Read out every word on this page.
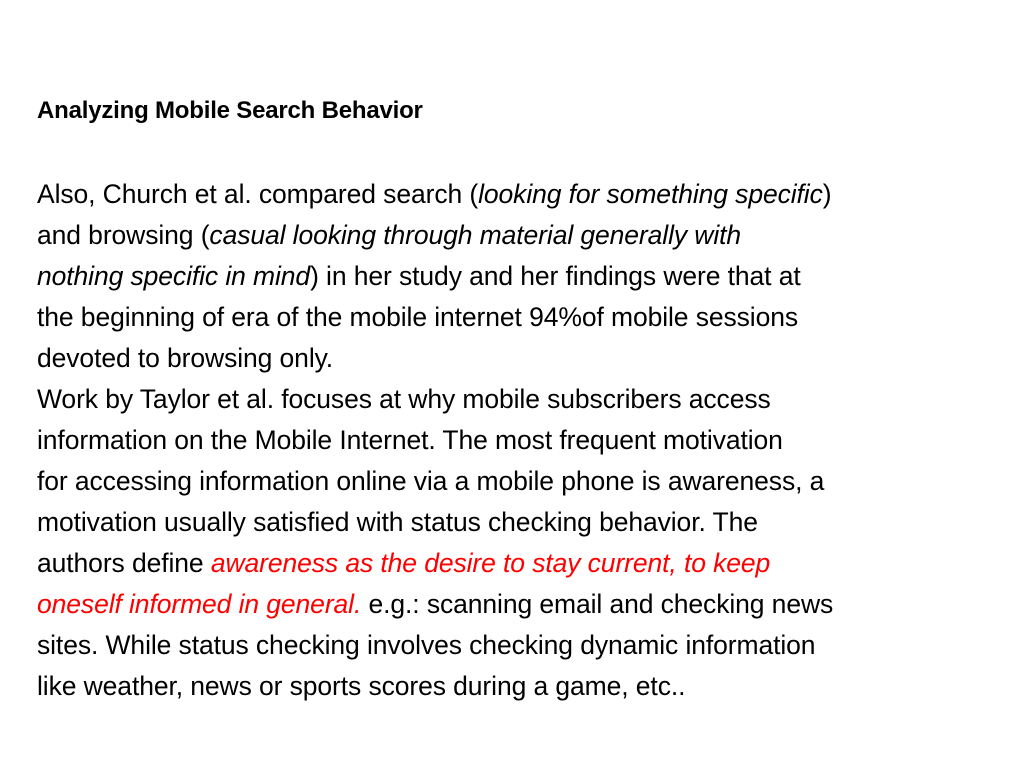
Analyzing Mobile Search Behavior

Also, Church et al. compared search (looking for something specific)
and browsing (casual looking through material generally with
nothing specific in mind) in her study and her findings were that at
the beginning of era of the mobile internet 94%of mobile sessions
devoted to browsing only.

Work by Taylor et al. focuses at why mobile subscribers access
information on the Mobile Internet. The most frequent motivation
for accessing information online via a mobile phone is awareness, a
motivation usually satisfied with status checking behavior. The
authors define awareness as the desire to stay current, to keep
oneself informed in general. e.g.: scanning email and checking news
sites. While status checking involves checking dynamic information
like weather, news or sports scores during a game, etc..
